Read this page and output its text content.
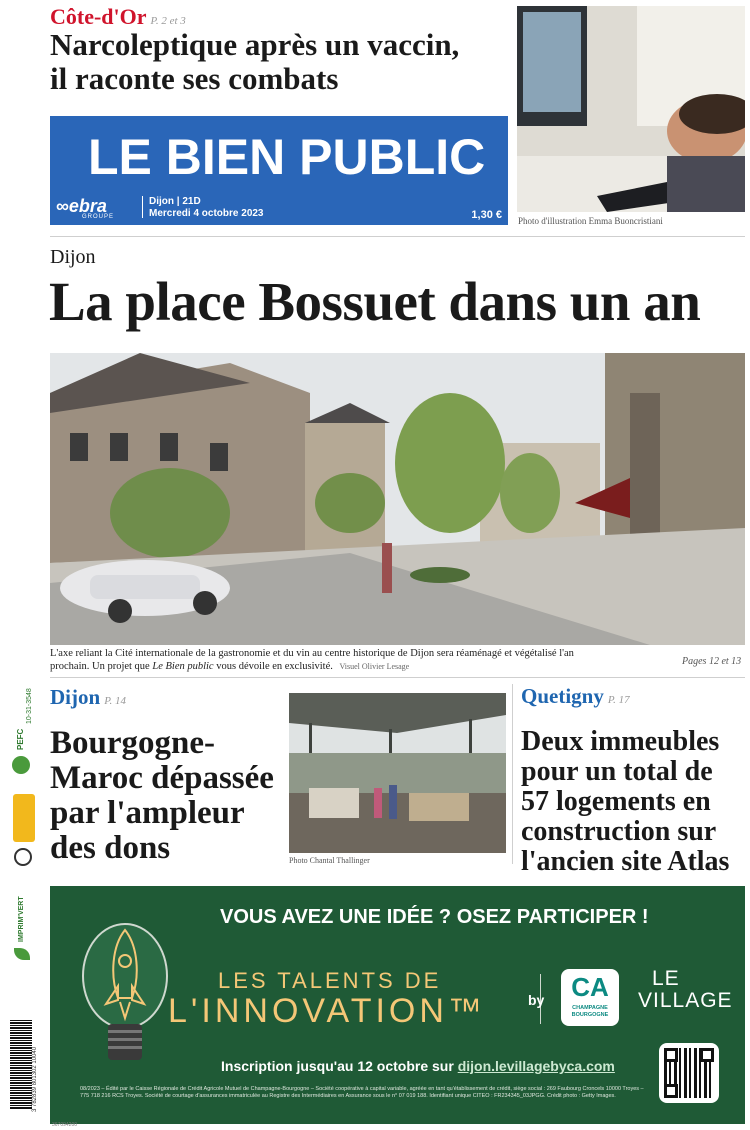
PEFC
10-31-3548
IMPRIM'VERT
3 782839 801302 10040
Côte-d'Or P. 2 et 3
Narcoleptique après un vaccin,
il raconte ses combats
LE BIEN PUBLIC
∞ebra
GROUPE
Dijon | 21D
Mercredi 4 octobre 2023	1,30 € Photo d'illustration Emma Buoncristiani
Dijon
La place Bossuet dans un an
L'axe reliant la Cité internationale de la gastronomie et du vin au centre historique de Dijon sera réaménagé et végétalisé l'an
prochain. Un projet que Le Bien public vous dévoile en exclusivité. Visuel Olivier Lesage	Pages 12 et 13
Dijon P. 14
Bourgogne-
Maroc dépassée
par l'ampleur
des dons	Photo Chantal Thallinger
Quetigny P. 17
Deux immeubles
pour un total de
57 logements en
construction sur
l'ancien site Atlas
VOUS AVEZ UNE IDÉE ? OSEZ PARTICIPER !
LES TALENTS DE
L'INNOVATION™	by	CA
CHAMPAGNE
BOURGOGNE
LE
VILLAGE
Inscription jusqu'au 12 octobre sur dijon.levillagebyca.com
08/2023 – Édité par le Caisse Régionale de Crédit Agricole Mutuel de Champagne-Bourgogne – Société coopérative à capital variable, agréée en tant qu'établissement de crédit, siège social : 269 Faubourg Croncels 10000 Troyes – 775 718 216 RCS Troyes. Société de courtage d'assurances immatriculée au Registre des Intermédiaires en Assurance sous le n° 07 019 188. Identifiant unique CITEO : FR234345_03JPGG. Crédit photo : Getty Images.
367094200
